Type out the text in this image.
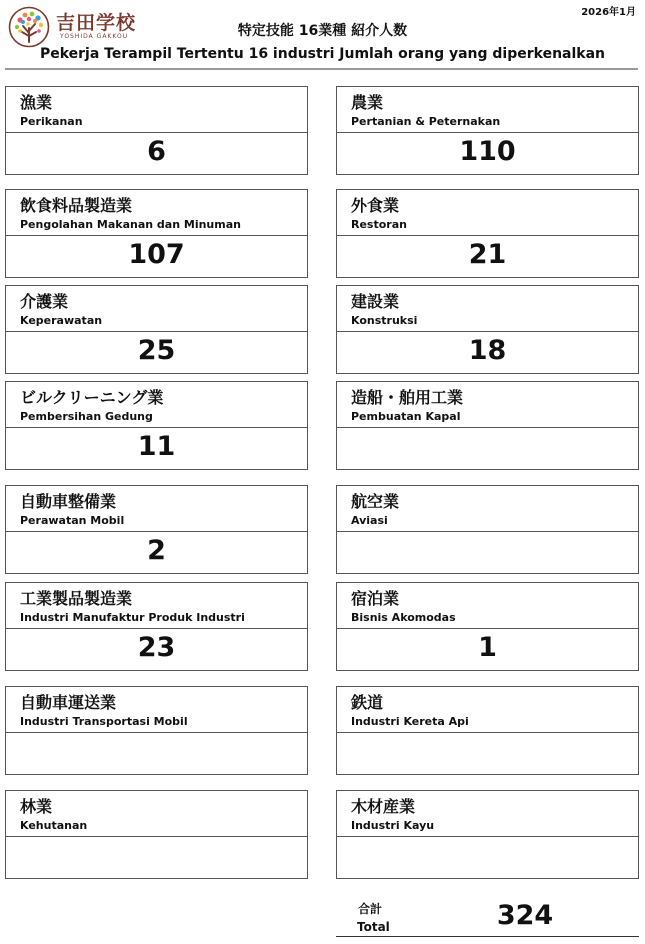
吉田学校
YOSHIDA GAKKOU
2026年1月
特定技能 16業種 紹介人数
Pekerja Terampil Tertentu 16 industri Jumlah orang yang diperkenalkan
漁業
Perikanan
6
農業
Pertanian & Peternakan
110
飲食料品製造業
Pengolahan Makanan dan Minuman
107
外食業
Restoran
21
介護業
Keperawatan
25
建設業
Konstruksi
18
ビルクリーニング業
Pembersihan Gedung
11
造船・舶用工業
Pembuatan Kapal
自動車整備業
Perawatan Mobil
2
航空業
Aviasi
工業製品製造業
Industri Manufaktur Produk Industri
23
宿泊業
Bisnis Akomodas
1
自動車運送業
Industri Transportasi Mobil
鉄道
Industri Kereta Api
林業
Kehutanan
木材産業
Industri Kayu
合計
Total	324
